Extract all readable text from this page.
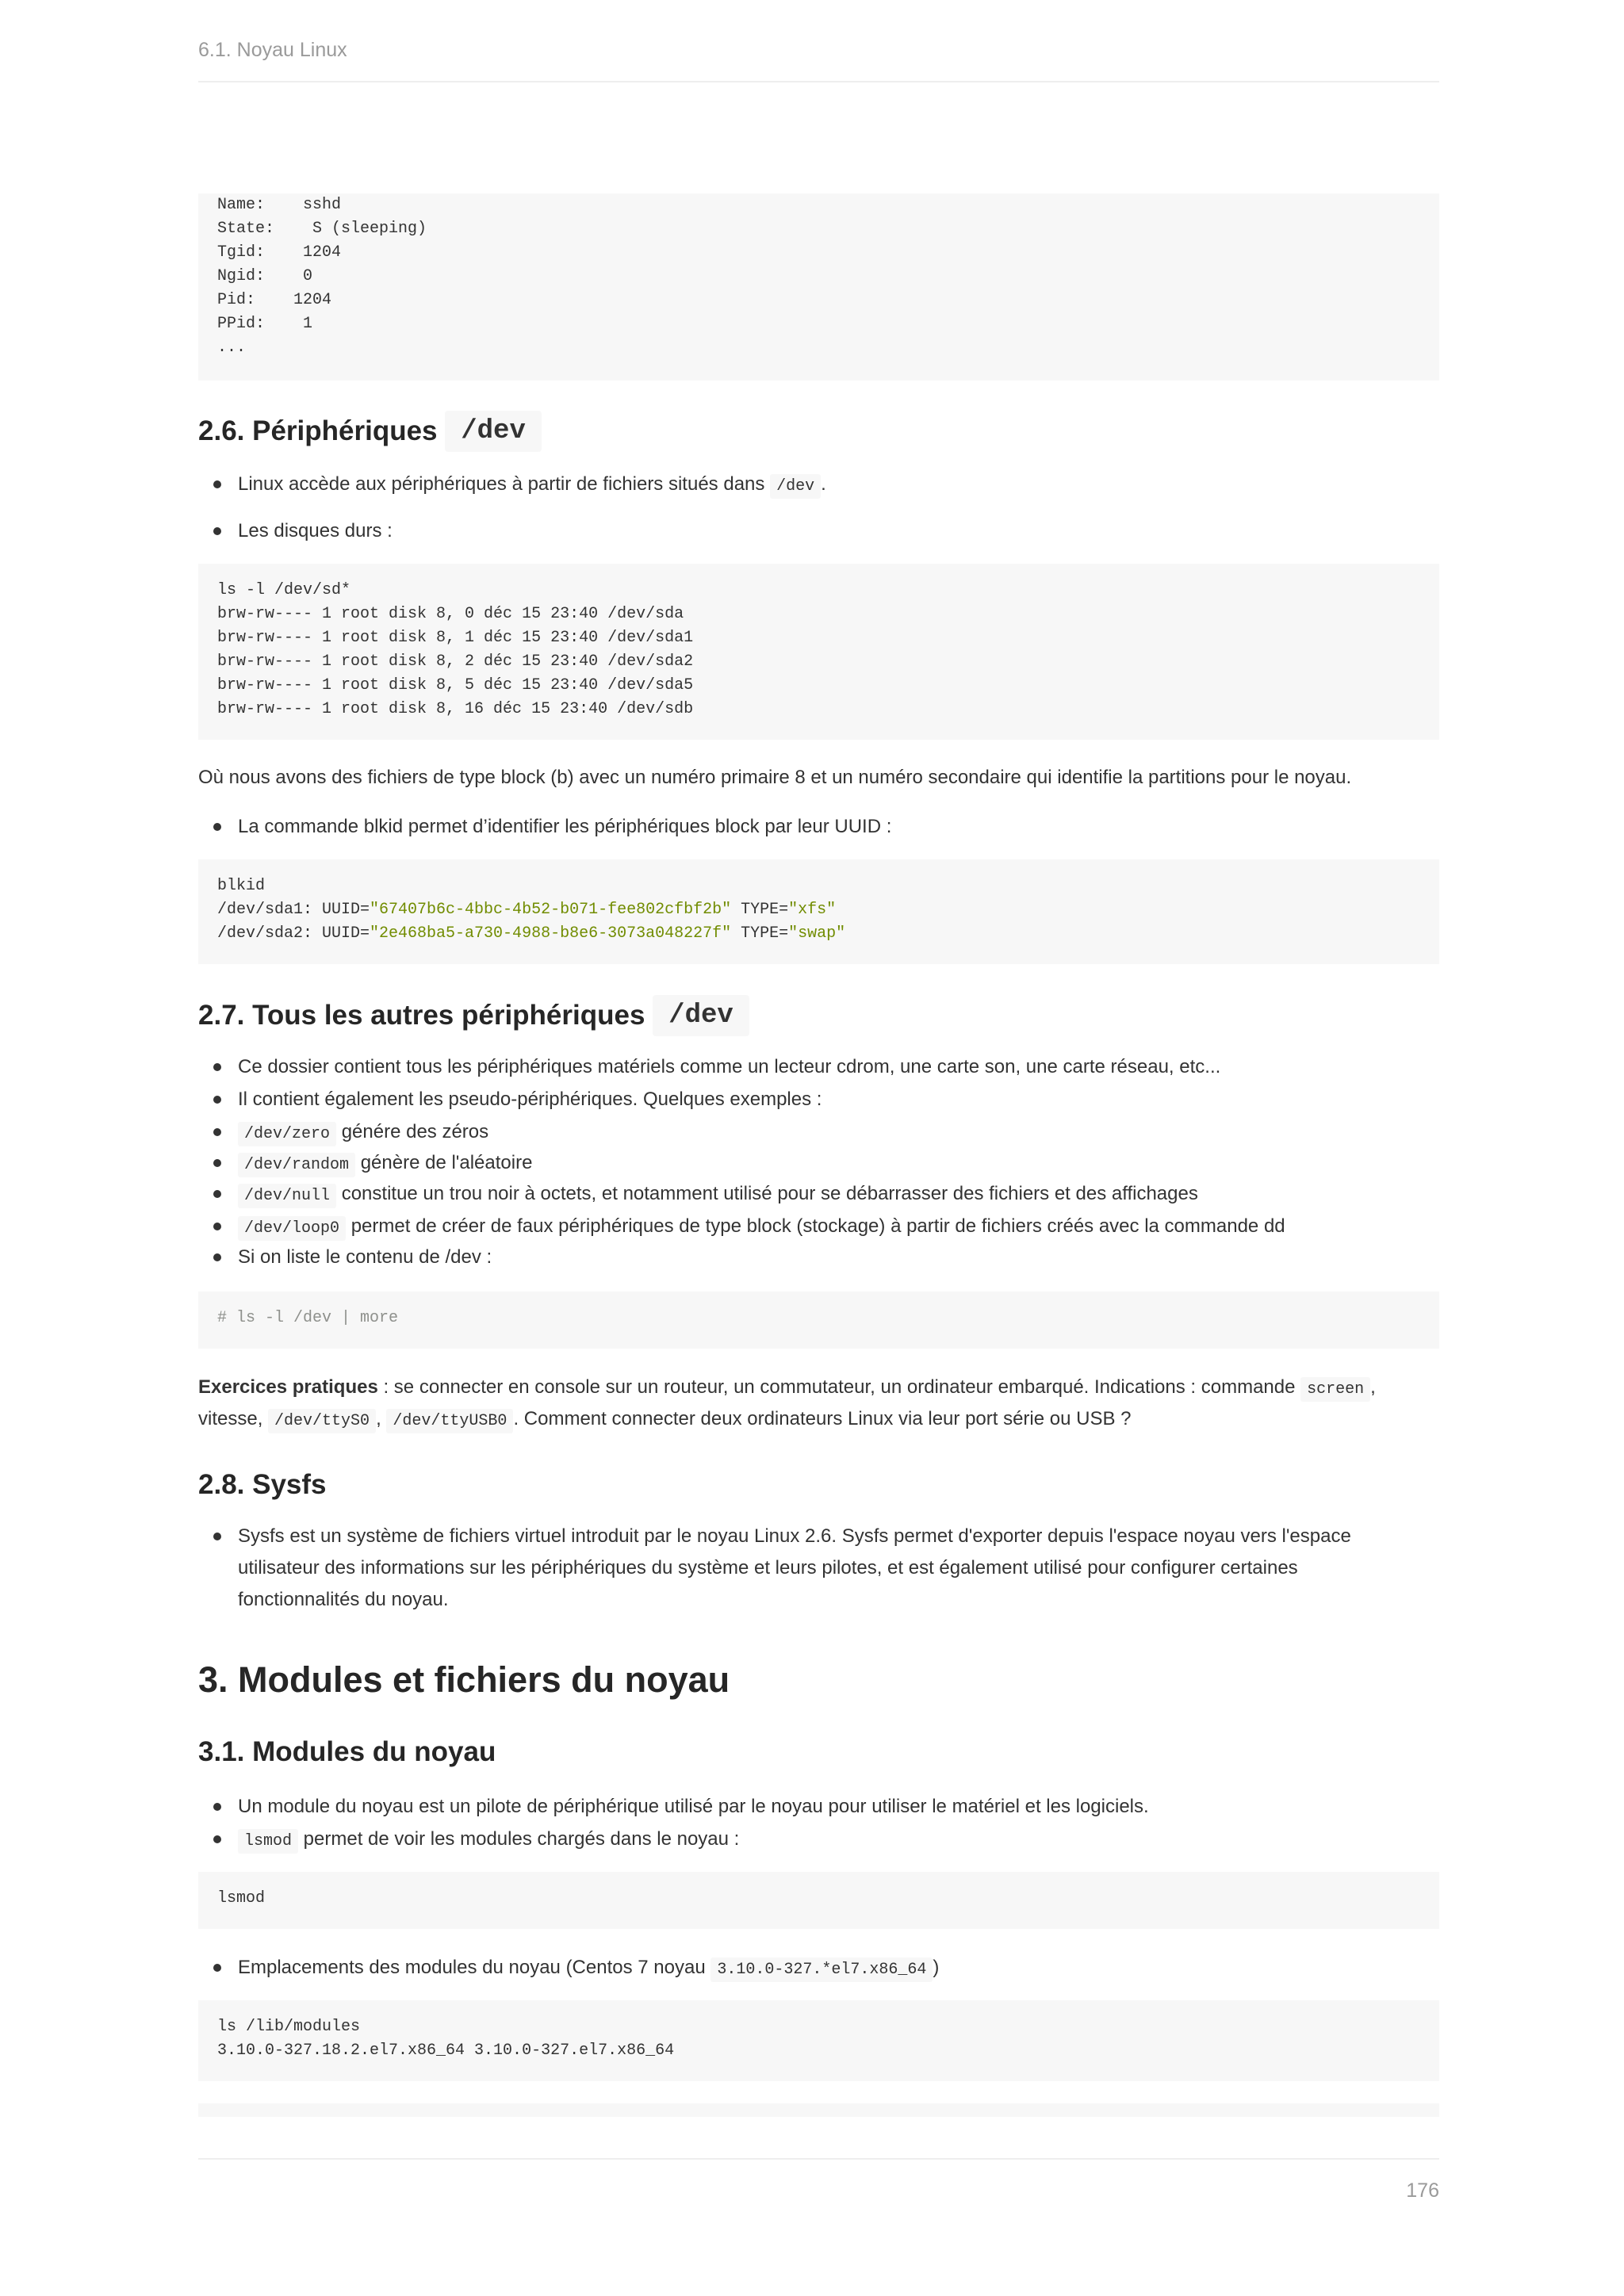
6.1. Noyau Linux
Name:    sshd
State:    S (sleeping)
Tgid:    1204
Ngid:    0
Pid:    1204
PPid:    1
...
2.6. Périphériques /dev
Linux accède aux périphériques à partir de fichiers situés dans /dev .
Les disques durs :
ls -l /dev/sd*
brw-rw---- 1 root disk 8, 0 déc 15 23:40 /dev/sda
brw-rw---- 1 root disk 8, 1 déc 15 23:40 /dev/sda1
brw-rw---- 1 root disk 8, 2 déc 15 23:40 /dev/sda2
brw-rw---- 1 root disk 8, 5 déc 15 23:40 /dev/sda5
brw-rw---- 1 root disk 8, 16 déc 15 23:40 /dev/sdb
Où nous avons des fichiers de type block (b) avec un numéro primaire 8 et un numéro secondaire qui identifie la partitions pour le noyau.
La commande blkid permet d’identifier les périphériques block par leur UUID :
blkid
/dev/sda1: UUID="67407b6c-4bbc-4b52-b071-fee802cfbf2b" TYPE="xfs"
/dev/sda2: UUID="2e468ba5-a730-4988-b8e6-3073a048227f" TYPE="swap"
2.7. Tous les autres périphériques /dev
Ce dossier contient tous les périphériques matériels comme un lecteur cdrom, une carte son, une carte réseau, etc...
Il contient également les pseudo-périphériques. Quelques exemples :
/dev/zero génére des zéros
/dev/random génère de l'aléatoire
/dev/null constitue un trou noir à octets, et notamment utilisé pour se débarrasser des fichiers et des affichages
/dev/loop0 permet de créer de faux périphériques de type block (stockage) à partir de fichiers créés avec la commande dd
Si on liste le contenu de /dev :
# ls -l /dev | more
Exercices pratiques : se connecter en console sur un routeur, un commutateur, un ordinateur embarqué. Indications : commande screen ,
vitesse, /dev/ttyS0 , /dev/ttyUSB0 . Comment connecter deux ordinateurs Linux via leur port série ou USB ?
2.8. Sysfs
Sysfs est un système de fichiers virtuel introduit par le noyau Linux 2.6. Sysfs permet d'exporter depuis l'espace noyau vers l'espace
utilisateur des informations sur les périphériques du système et leurs pilotes, et est également utilisé pour configurer certaines
fonctionnalités du noyau.
3. Modules et fichiers du noyau
3.1. Modules du noyau
Un module du noyau est un pilote de périphérique utilisé par le noyau pour utiliser le matériel et les logiciels.
lsmod permet de voir les modules chargés dans le noyau :
lsmod
Emplacements des modules du noyau (Centos 7 noyau 3.10.0-327.*el7.x86_64 )
ls /lib/modules
3.10.0-327.18.2.el7.x86_64 3.10.0-327.el7.x86_64
176
